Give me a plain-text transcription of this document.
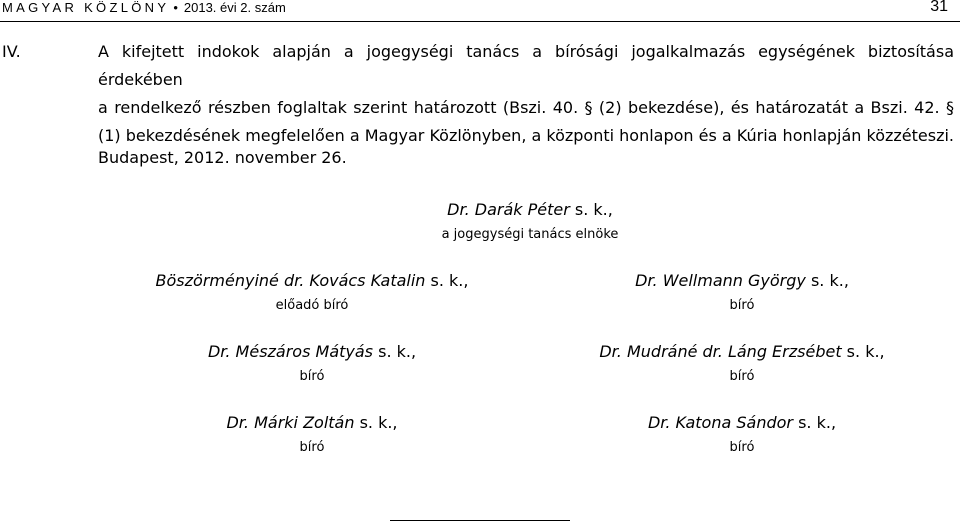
MAGYAR KÖZLÖNY • 2013. évi 2. szám	31
IV.	A kifejtett indokok alapján a jogegységi tanács a bírósági jogalkalmazás egységének biztosítása érdekében
a rendelkező részben foglaltak szerint határozott (Bszi. 40. § (2) bekezdése), és határozatát a Bszi. 42. §
(1) bekezdésének megfelelően a Magyar Közlönyben, a központi honlapon és a Kúria honlapján közzéteszi.
Budapest, 2012. november 26.
Dr. Darák Péter s. k.,
a jogegységi tanács elnöke
Böszörményiné dr. Kovács Katalin s. k.,
előadó bíró
Dr. Mészáros Mátyás s. k.,
bíró
Dr. Márki Zoltán s. k.,
bíró
Dr. Wellmann György s. k.,
bíró
Dr. Mudráné dr. Láng Erzsébet s. k.,
bíró
Dr. Katona Sándor s. k.,
bíró
